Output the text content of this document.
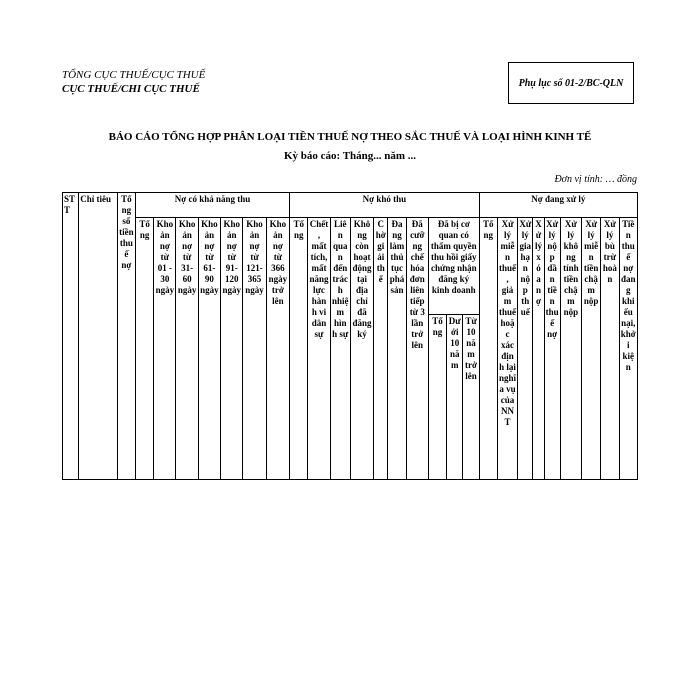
TỔNG CỤC THUẾ/CỤC THUẾ
CỤC THUẾ/CHI CỤC THUẾ	Phụ lục số 01-2/BC-QLN
BÁO CÁO TỔNG HỢP PHÂN LOẠI TIỀN THUẾ NỢ THEO SẮC THUẾ VÀ LOẠI HÌNH KINH TẾ
Kỳ báo cáo: Tháng... năm ...
Đơn vị tính: … đồng
STT	Chỉ tiêu	Tổng số tiền thuế nợ	Nợ có khả năng thu							Nợ khó thu										Nợ đang xử lý								
			Tổng	Khoản nợ từ 01 - 30 ngày	Khoản nợ từ 31- 60 ngày	Khoản nợ từ 61- 90 ngày	Khoản nợ từ 91- 120 ngày	Khoản nợ từ 121- 365 ngày	Khoản nợ từ 366 ngày trở lên	Tổng	Chết, mất tích, mất năng lực hành vi dân sự	Liên quan đến trách nhiệm hình sự	Không còn hoạt động tại địa chỉ đã đăng ký	Chờ giải thể	Đang làm thủ tục phá sản	Đã cưỡng chế hóa đơn liên tiếp từ 3 lần trở lên	Đã bị cơ quan có thẩm quyền thu hồi giấy chứng nhận đăng ký kinh doanh			Tổng	Xử lý miễn thuế, giảm thuế hoặc xác định lại nghĩa vụ của NNT	Xử lý gia hạn nộp thuế	Xử lý xóa nợ	Xử lý nộp dần tiền thuế nợ	Xử lý không tính tiền chậm nộp	Xử lý miễn tiền chậm nộp	Xử lý bù trừ hoàn	Tiền thuế nợ đang khiếu nại, khởi kiện

																	Tổng	Dưới 10 năm	Từ 10 năm trở lên									
